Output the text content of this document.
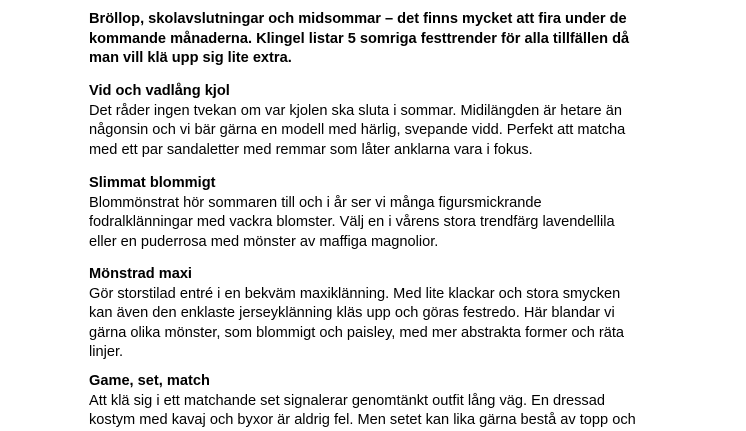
Bröllop, skolavslutningar och midsommar – det finns mycket att fira under de
kommande månaderna. Klingel listar 5 somriga festtrender för alla tillfällen då
man vill klä upp sig lite extra.
Vid och vadlång kjol
Det råder ingen tvekan om var kjolen ska sluta i sommar. Midilängden är hetare än
någonsin och vi bär gärna en modell med härlig, svepande vidd. Perfekt att matcha
med ett par sandaletter med remmar som låter anklarna vara i fokus.
Slimmat blommigt
Blommönstrat hör sommaren till och i år ser vi många figursmickrande
fodralklänningar med vackra blomster. Välj en i vårens stora trendfärg lavendellila
eller en puderrosa med mönster av maffiga magnolior.
Mönstrad maxi
Gör storstilad entré i en bekväm maxiklänning. Med lite klackar och stora smycken
kan även den enklaste jerseyklänning kläs upp och göras festredo. Här blandar vi
gärna olika mönster, som blommigt och paisley, med mer abstrakta former och räta
linjer.
Game, set, match
Att klä sig i ett matchande set signalerar genomtänkt outfit lång väg. En dressad
kostym med kavaj och byxor är aldrig fel. Men setet kan lika gärna bestå av topp och
